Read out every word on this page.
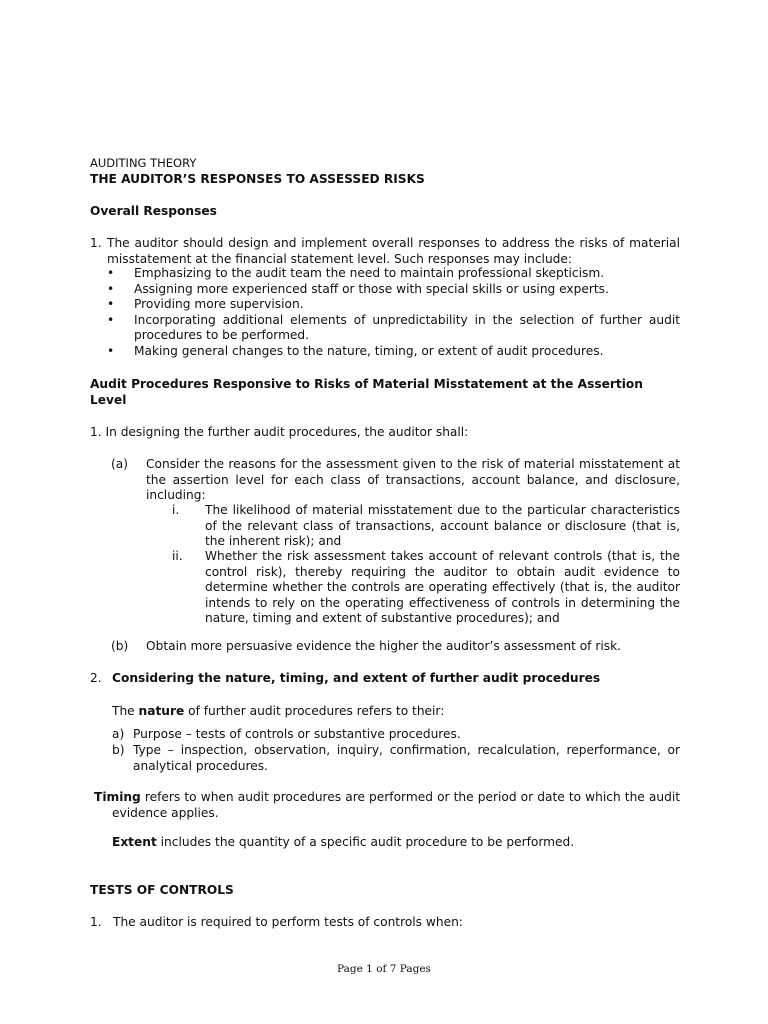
AUDITING THEORY
THE AUDITOR’S RESPONSES TO ASSESSED RISKS
Overall Responses
1. The auditor should design and implement overall responses to address the risks of material misstatement at the financial statement level. Such responses may include:
•	Emphasizing to the audit team the need to maintain professional skepticism.
•	Assigning more experienced staff or those with special skills or using experts.
•	Providing more supervision.
•	Incorporating additional elements of unpredictability in the selection of further audit procedures to be performed.
•	Making general changes to the nature, timing, or extent of audit procedures.
Audit Procedures Responsive to Risks of Material Misstatement at the Assertion Level
1. In designing the further audit procedures, the auditor shall:
(a) Consider the reasons for the assessment given to the risk of material misstatement at the assertion level for each class of transactions, account balance, and disclosure, including:
i. The likelihood of material misstatement due to the particular characteristics of the relevant class of transactions, account balance or disclosure (that is, the inherent risk); and
ii. Whether the risk assessment takes account of relevant controls (that is, the control risk), thereby requiring the auditor to obtain audit evidence to determine whether the controls are operating effectively (that is, the auditor intends to rely on the operating effectiveness of controls in determining the nature, timing and extent of substantive procedures); and
(b) Obtain more persuasive evidence the higher the auditor’s assessment of risk.
2. Considering the nature, timing, and extent of further audit procedures
The nature of further audit procedures refers to their:
a) Purpose – tests of controls or substantive procedures.
b) Type – inspection, observation, inquiry, confirmation, recalculation, reperformance, or analytical procedures.
Timing refers to when audit procedures are performed or the period or date to which the audit evidence applies.
Extent includes the quantity of a specific audit procedure to be performed.
TESTS OF CONTROLS
1. The auditor is required to perform tests of controls when:
Page 1 of 7 Pages
